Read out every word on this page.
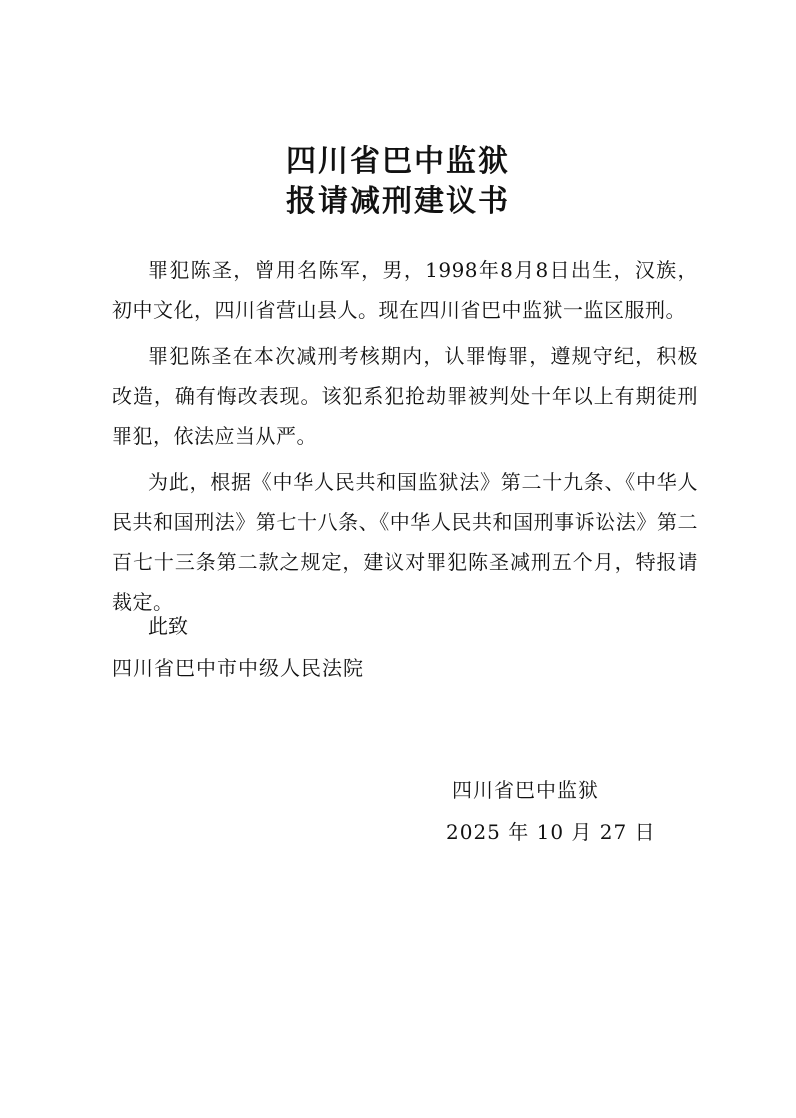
四川省巴中监狱
报请减刑建议书

罪犯陈圣，曾用名陈军，男，1998年8月8日出生，汉族，初中文化，四川省营山县人。现在四川省巴中监狱一监区服刑。

罪犯陈圣在本次减刑考核期内，认罪悔罪，遵规守纪，积极改造，确有悔改表现。该犯系犯抢劫罪被判处十年以上有期徒刑罪犯，依法应当从严。

为此，根据《中华人民共和国监狱法》第二十九条、《中华人民共和国刑法》第七十八条、《中华人民共和国刑事诉讼法》第二百七十三条第二款之规定，建议对罪犯陈圣减刑五个月，特报请裁定。

此致
四川省巴中市中级人民法院
四川省巴中监狱
2025 年 10 月 27 日
